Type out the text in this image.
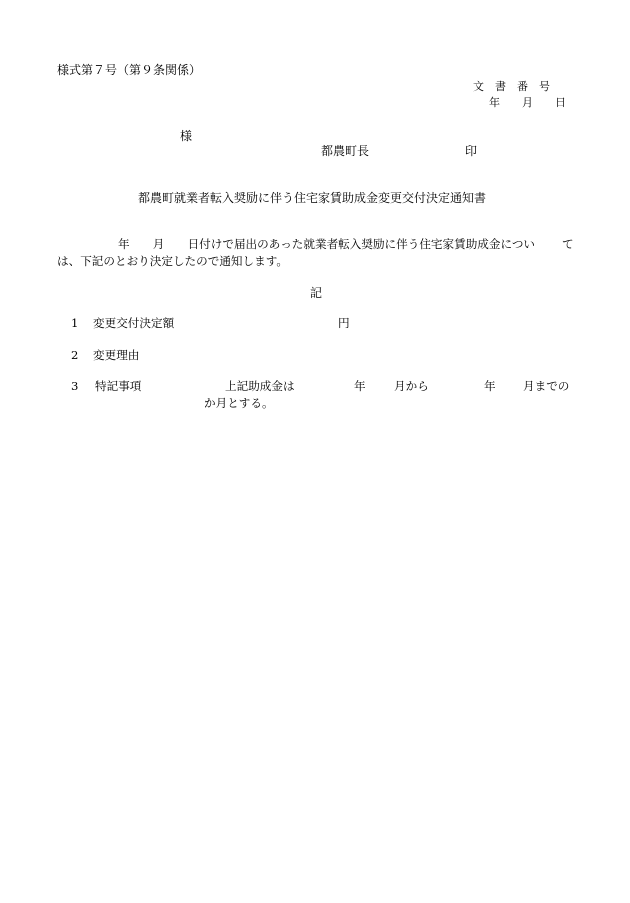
様式第７号（第９条関係）
文　書　番　号
年　　月　　日
様
都農町長	印
都農町就業者転入奨励に伴う住宅家賃助成金変更交付決定通知書
年　　月　　日付けで届出のあった就業者転入奨励に伴う住宅家賃助成金につい て
は、下記のとおり決定したので通知します。
記
1 変更交付決定額	円
2 変更理由
3 特記事項	上記助成金は	年 月から	年 月までの
か月とする。
